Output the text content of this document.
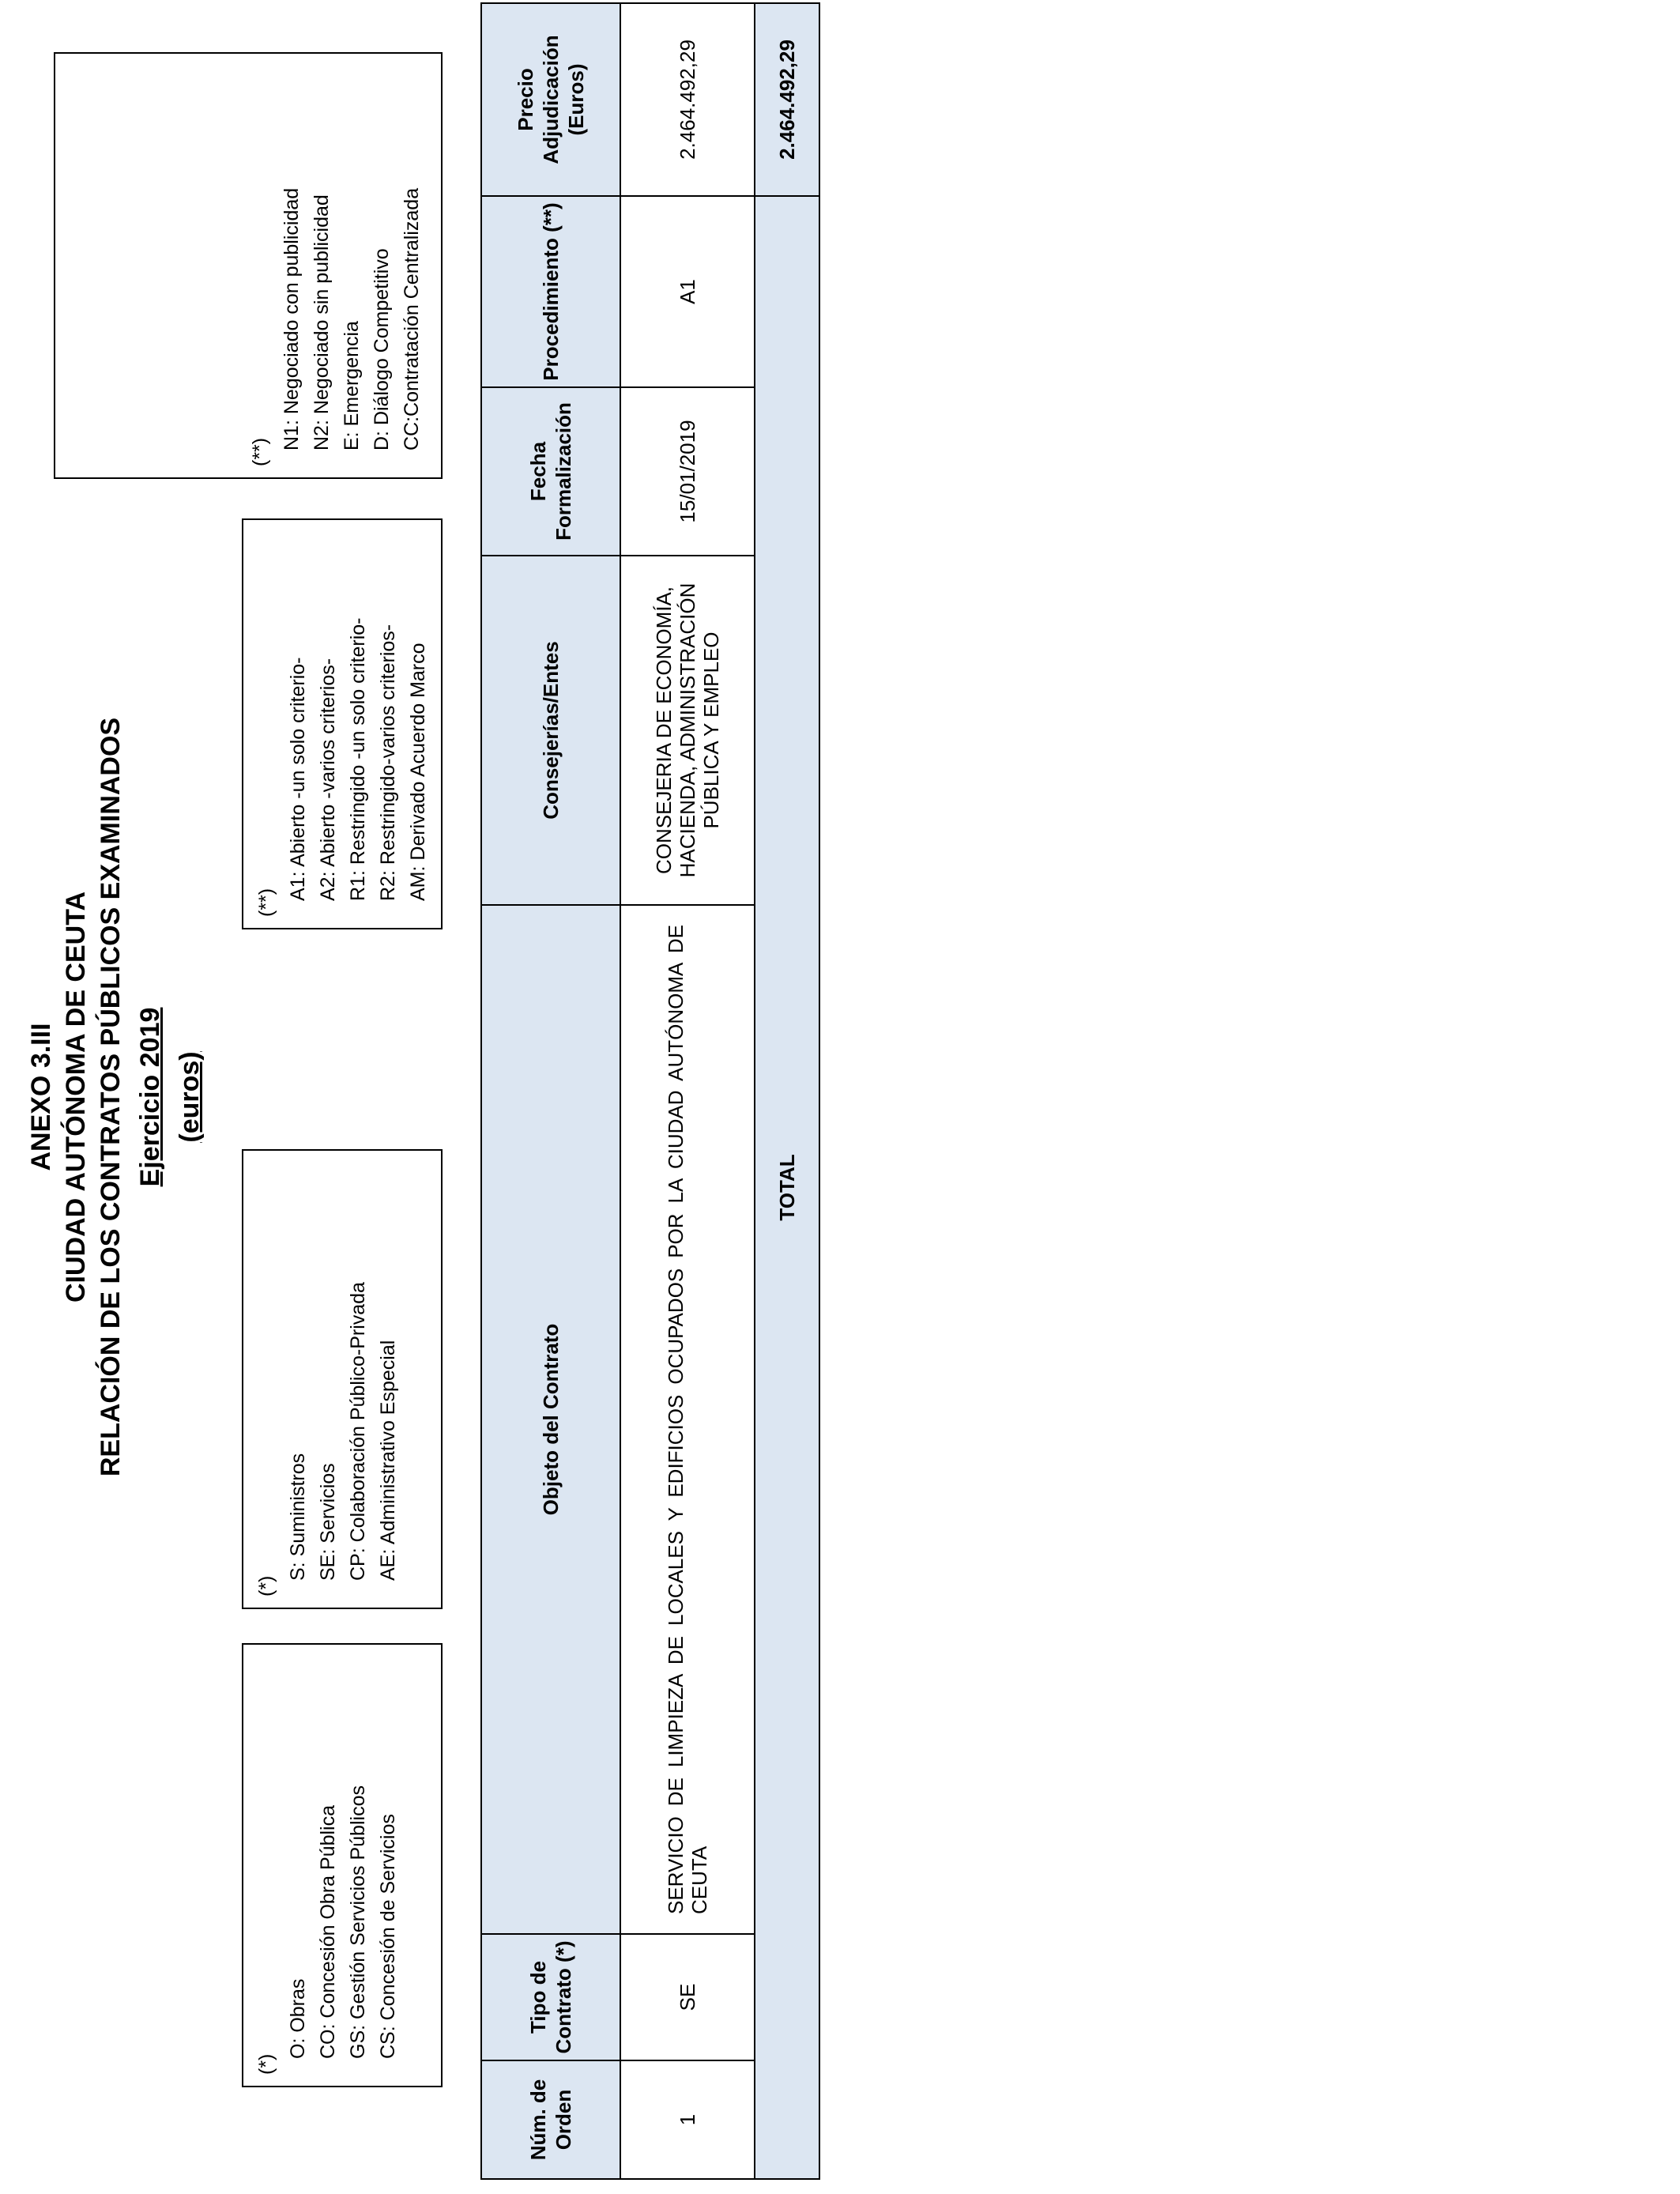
ANEXO 3.III CIUDAD AUTÓNOMA DE CEUTA RELACIÓN DE LOS CONTRATOS PÚBLICOS EXAMINADOS Ejercicio 2019 (euros)
(*)
O: Obras CO: Concesión Obra Pública GS: Gestión Servicios Públicos CS: Concesión de Servicios
(*)
S: Suministros SE: Servicios CP: Colaboración Público-Privada AE: Administrativo Especial
(**)
A1: Abierto -un solo criterio- A2: Abierto -varios criterios- R1: Restringido -un solo criterio- R2: Restringido-varios criterios- AM: Derivado Acuerdo Marco
(**)
N1: Negociado con publicidad N2: Negociado sin publicidad E: Emergencia D: Diálogo Competitivo CC:Contratación Centralizada
Núm. de Orden	Tipo de Contrato (*)	Objeto del Contrato	Consejerías/Entes	Fecha Formalización	Procedimiento (**)	Precio Adjudicación (Euros)
1	SE	SERVICIO DE LIMPIEZA DE LOCALES Y EDIFICIOS OCUPADOS POR LA CIUDAD AUTÓNOMA DE CEUTA	CONSEJERIA DE ECONOMÍA, HACIENDA, ADMINISTRACIÓN PÚBLICA Y EMPLEO	15/01/2019	A1	2.464.492,29
TOTAL						2.464.492,29
